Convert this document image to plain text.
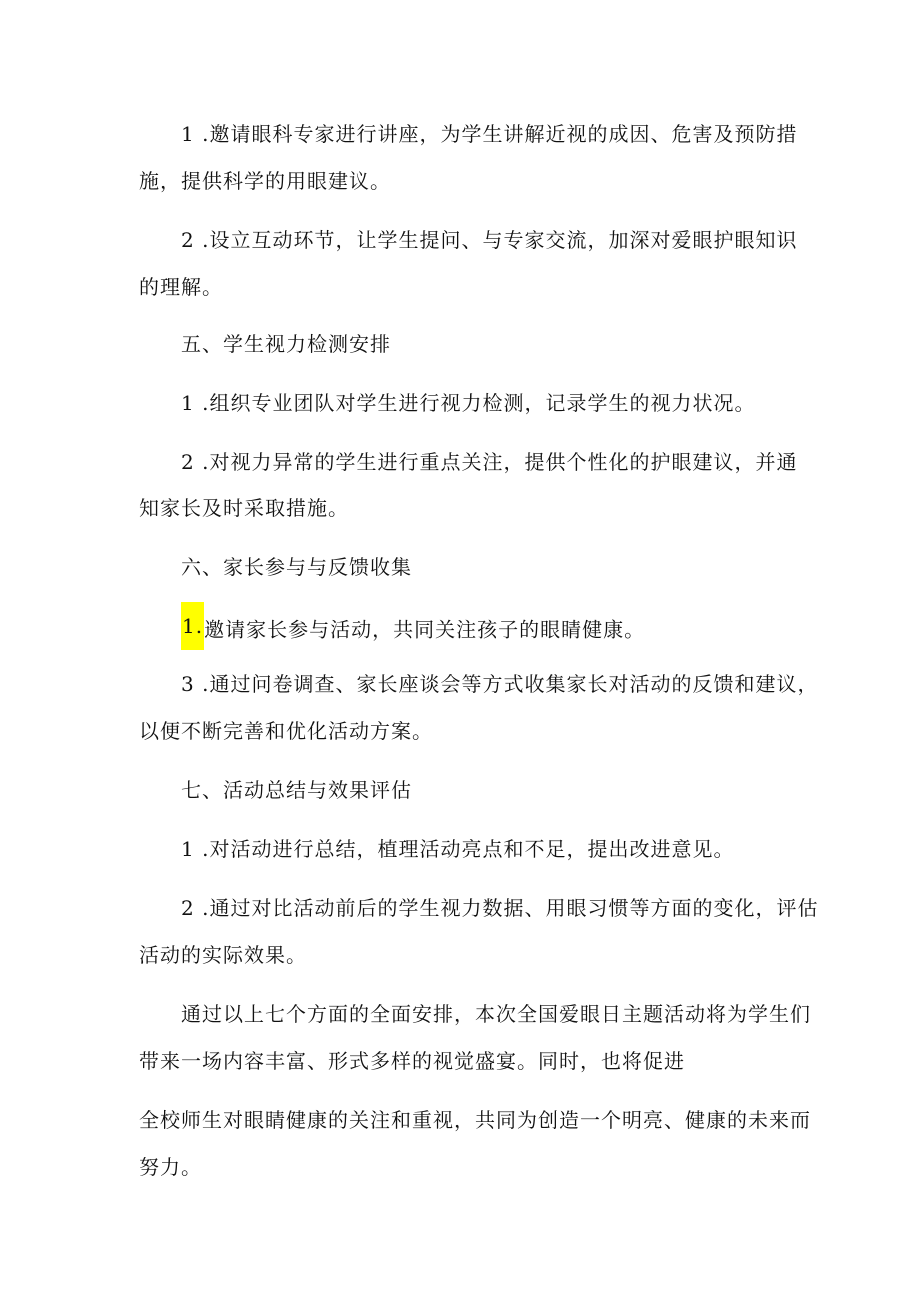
1 .邀请眼科专家进行讲座，为学生讲解近视的成因、危害及预防措
施，提供科学的用眼建议。
2 .设立互动环节，让学生提问、与专家交流，加深对爱眼护眼知识
的理解。
五、学生视力检测安排
1 .组织专业团队对学生进行视力检测，记录学生的视力状况。
2 .对视力异常的学生进行重点关注，提供个性化的护眼建议，并通
知家长及时采取措施。
六、家长参与与反馈收集
1.邀请家长参与活动，共同关注孩子的眼睛健康。
3 .通过问卷调查、家长座谈会等方式收集家长对活动的反馈和建议，
以便不断完善和优化活动方案。
七、活动总结与效果评估
1 .对活动进行总结，植理活动亮点和不足，提出改进意见。
2 .通过对比活动前后的学生视力数据、用眼习惯等方面的变化，评估
活动的实际效果。
通过以上七个方面的全面安排，本次全国爱眼日主题活动将为学生们
带来一场内容丰富、形式多样的视觉盛宴。同时，也将促进
全校师生对眼睛健康的关注和重视，共同为创造一个明亮、健康的未来而
努力。
